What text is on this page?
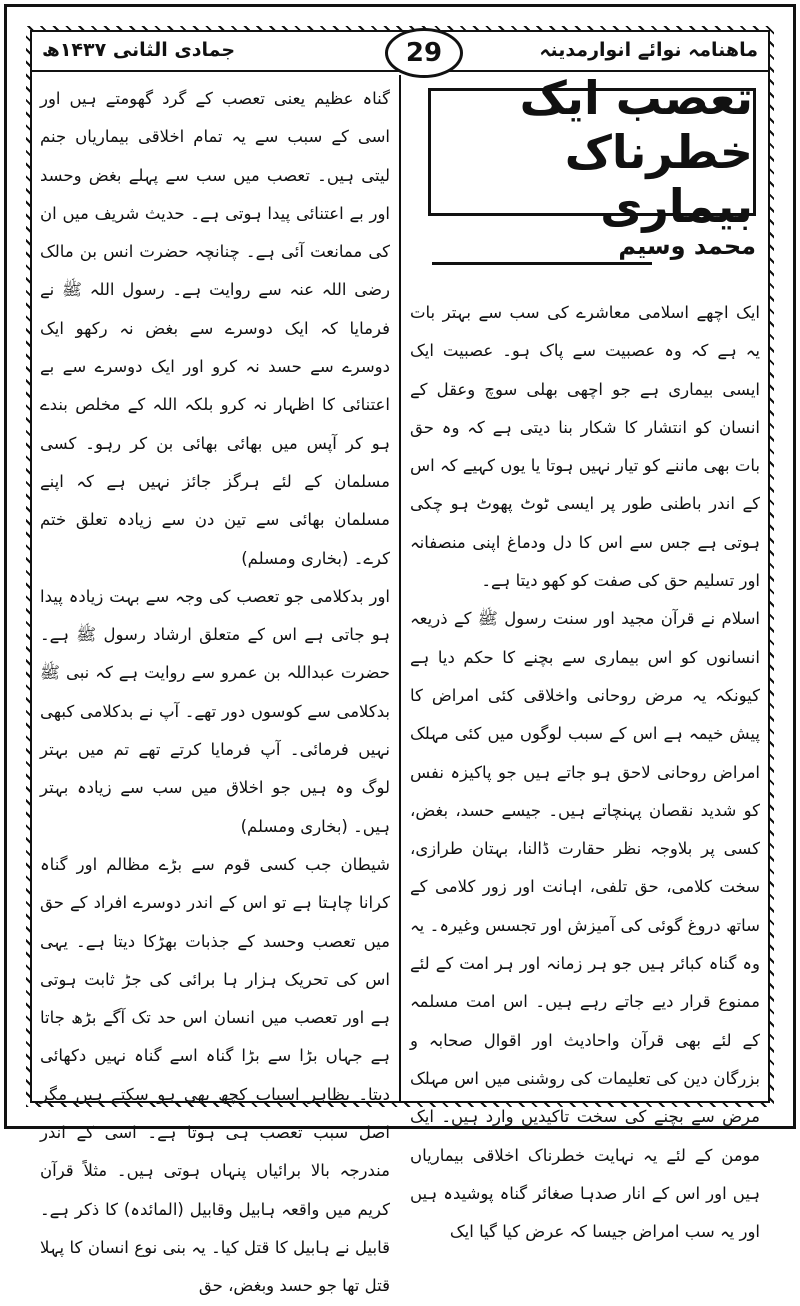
جمادی الثانی ۱۴۳۷ھ	29	ماهنامہ نوائے انوارمدینہ

گناہ عظیم یعنی تعصب کے گرد گھومتے ہیں اور اسی کے سبب سے یہ تمام اخلاقی بیماریاں جنم لیتی ہیں۔ تعصب میں سب سے پہلے بغض وحسد اور بے اعتنائی پیدا ہوتی ہے۔ حدیث شریف میں ان کی ممانعت آئی ہے۔ چنانچہ حضرت انس بن مالک رضی اللہ عنہ سے روایت ہے۔ رسول اللہ ﷺ نے فرمایا کہ ایک دوسرے سے بغض نہ رکھو ایک دوسرے سے حسد نہ کرو اور ایک دوسرے سے بے اعتنائی کا اظہار نہ کرو بلکہ اللہ کے مخلص بندے ہو کر آپس میں بھائی بھائی بن کر رہو۔ کسی مسلمان کے لئے ہرگز جائز نہیں ہے کہ اپنے مسلمان بھائی سے تین دن سے زیادہ تعلق ختم کرے۔ (بخاری ومسلم)

اور بدکلامی جو تعصب کی وجہ سے بہت زیادہ پیدا ہو جاتی ہے اس کے متعلق ارشاد رسول ﷺ ہے۔ حضرت عبداللہ بن عمرو سے روایت ہے کہ نبی ﷺ بدکلامی سے کوسوں دور تھے۔ آپ نے بدکلامی کبھی نہیں فرمائی۔ آپ فرمایا کرتے تھے تم میں بہتر لوگ وہ ہیں جو اخلاق میں سب سے زیادہ بہتر ہیں۔ (بخاری ومسلم)

شیطان جب کسی قوم سے بڑے مظالم اور گناہ کرانا چاہتا ہے تو اس کے اندر دوسرے افراد کے حق میں تعصب وحسد کے جذبات بھڑکا دیتا ہے۔ یہی اس کی تحریک ہزار ہا برائی کی جڑ ثابت ہوتی ہے اور تعصب میں انسان اس حد تک آگے بڑھ جاتا ہے جہاں بڑا سے بڑا گناہ اسے گناہ نہیں دکھائی دیتا۔ بظاہر اسباب کچھ بھی ہو سکتے ہیں مگر اصل سبب تعصب ہی ہوتا ہے۔ اسی کے اندر مندرجہ بالا برائیاں پنہاں ہوتی ہیں۔ مثلاً قرآن کریم میں واقعہ ہابیل وقابیل (المائدہ) کا ذکر ہے۔ قابیل نے ہابیل کا قتل کیا۔ یہ بنی نوع انسان کا پہلا قتل تھا جو حسد وبغض، حق

تعصب ایک خطرناک بیماری
محمد وسیم

ایک اچھے اسلامی معاشرے کی سب سے بہتر بات یہ ہے کہ وہ عصبیت سے پاک ہو۔ عصبیت ایک ایسی بیماری ہے جو اچھی بھلی سوچ وعقل کے انسان کو انتشار کا شکار بنا دیتی ہے کہ وہ حق بات بھی ماننے کو تیار نہیں ہوتا یا یوں کہیے کہ اس کے اندر باطنی طور پر ایسی ٹوٹ پھوٹ ہو چکی ہوتی ہے جس سے اس کا دل ودماغ اپنی منصفانہ اور تسلیم حق کی صفت کو کھو دیتا ہے۔

اسلام نے قرآن مجید اور سنت رسول ﷺ کے ذریعہ انسانوں کو اس بیماری سے بچنے کا حکم دیا ہے کیونکہ یہ مرض روحانی واخلاقی کئی امراض کا پیش خیمہ ہے اس کے سبب لوگوں میں کئی مہلک امراض روحانی لاحق ہو جاتے ہیں جو پاکیزہ نفس کو شدید نقصان پہنچاتے ہیں۔ جیسے حسد، بغض، کسی پر بلاوجہ نظر حقارت ڈالنا، بہتان طرازی، سخت کلامی، حق تلفی، اہانت اور زور کلامی کے ساتھ دروغ گوئی کی آمیزش اور تجسس وغیرہ۔ یہ وہ گناہ کبائر ہیں جو ہر زمانہ اور ہر امت کے لئے ممنوع قرار دیے جاتے رہے ہیں۔ اس امت مسلمہ کے لئے بھی قرآن واحادیث اور اقوال صحابہ و بزرگان دین کی تعلیمات کی روشنی میں اس مہلک مرض سے بچنے کی سخت تاکیدیں وارد ہیں۔ ایک مومن کے لئے یہ نہایت خطرناک اخلاقی بیماریاں ہیں اور اس کے انار صدہا صغائر گناہ پوشیدہ ہیں اور یہ سب امراض جیسا کہ عرض کیا گیا ایک
